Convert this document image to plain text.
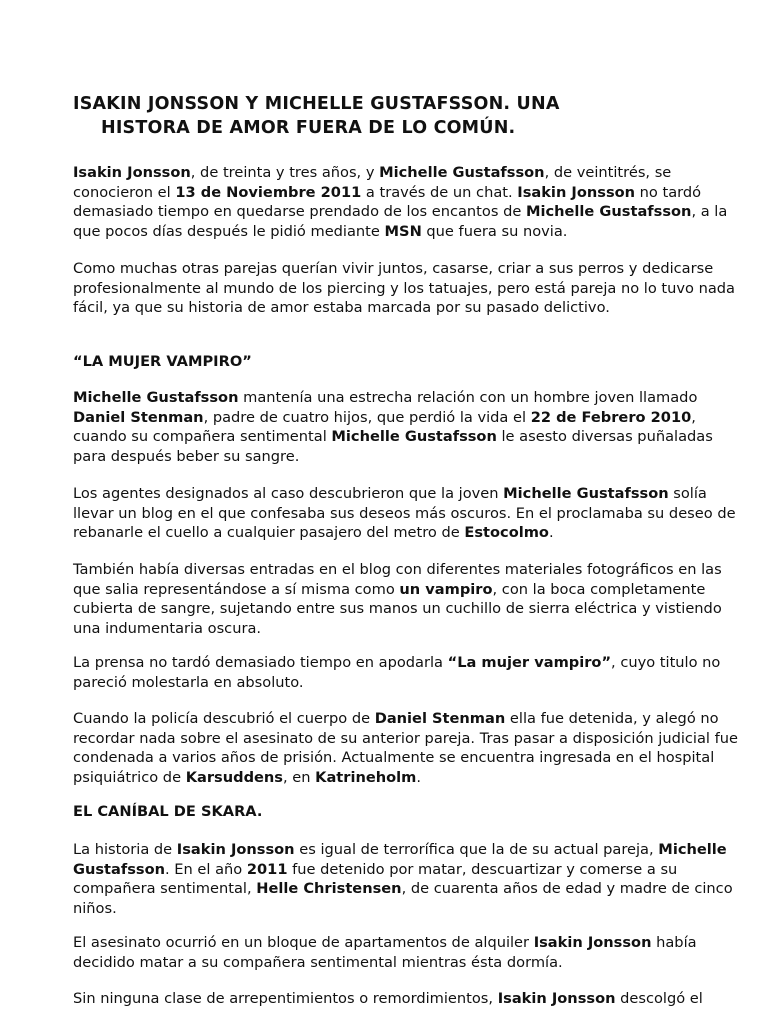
ISAKIN JONSSON Y MICHELLE GUSTAFSSON. UNA
HISTORA DE AMOR FUERA DE LO COMÚN.
Isakin Jonsson, de treinta y tres años, y Michelle Gustafsson, de veintitrés, se
conocieron el 13 de Noviembre 2011 a través de un chat. Isakin Jonsson no tardó
demasiado tiempo en quedarse prendado de los encantos de Michelle Gustafsson, a la
que pocos días después le pidió mediante MSN que fuera su novia.
Como muchas otras parejas querían vivir juntos, casarse, criar a sus perros y dedicarse
profesionalmente al mundo de los piercing y los tatuajes, pero está pareja no lo tuvo nada
fácil, ya que su historia de amor estaba marcada por su pasado delictivo.

“LA MUJER VAMPIRO”

Michelle Gustafsson mantenía una estrecha relación con un hombre joven llamado
Daniel Stenman, padre de cuatro hijos, que perdió la vida el 22 de Febrero 2010,
cuando su compañera sentimental Michelle Gustafsson le asesto diversas puñaladas
para después beber su sangre.
Los agentes designados al caso descubrieron que la joven Michelle Gustafsson solía
llevar un blog en el que confesaba sus deseos más oscuros. En el proclamaba su deseo de
rebanarle el cuello a cualquier pasajero del metro de Estocolmo.
También había diversas entradas en el blog con diferentes materiales fotográficos en las
que salia representándose a sí misma como un vampiro, con la boca completamente
cubierta de sangre, sujetando entre sus manos un cuchillo de sierra eléctrica y vistiendo
una indumentaria oscura.
La prensa no tardó demasiado tiempo en apodarla “La mujer vampiro”, cuyo titulo no
pareció molestarla en absoluto.
Cuando la policía descubrió el cuerpo de Daniel Stenman ella fue detenida, y alegó no
recordar nada sobre el asesinato de su anterior pareja. Tras pasar a disposición judicial fue
condenada a varios años de prisión. Actualmente se encuentra ingresada en el hospital
psiquiátrico de Karsuddens, en Katrineholm.

EL CANÍBAL DE SKARA.

La historia de Isakin Jonsson es igual de terrorífica que la de su actual pareja, Michelle
Gustafsson. En el año 2011 fue detenido por matar, descuartizar y comerse a su
compañera sentimental, Helle Christensen, de cuarenta años de edad y madre de cinco
niños.
El asesinato ocurrió en un bloque de apartamentos de alquiler Isakin Jonsson había
decidido matar a su compañera sentimental mientras ésta dormía.
Sin ninguna clase de arrepentimientos o remordimientos, Isakin Jonsson descolgó el
